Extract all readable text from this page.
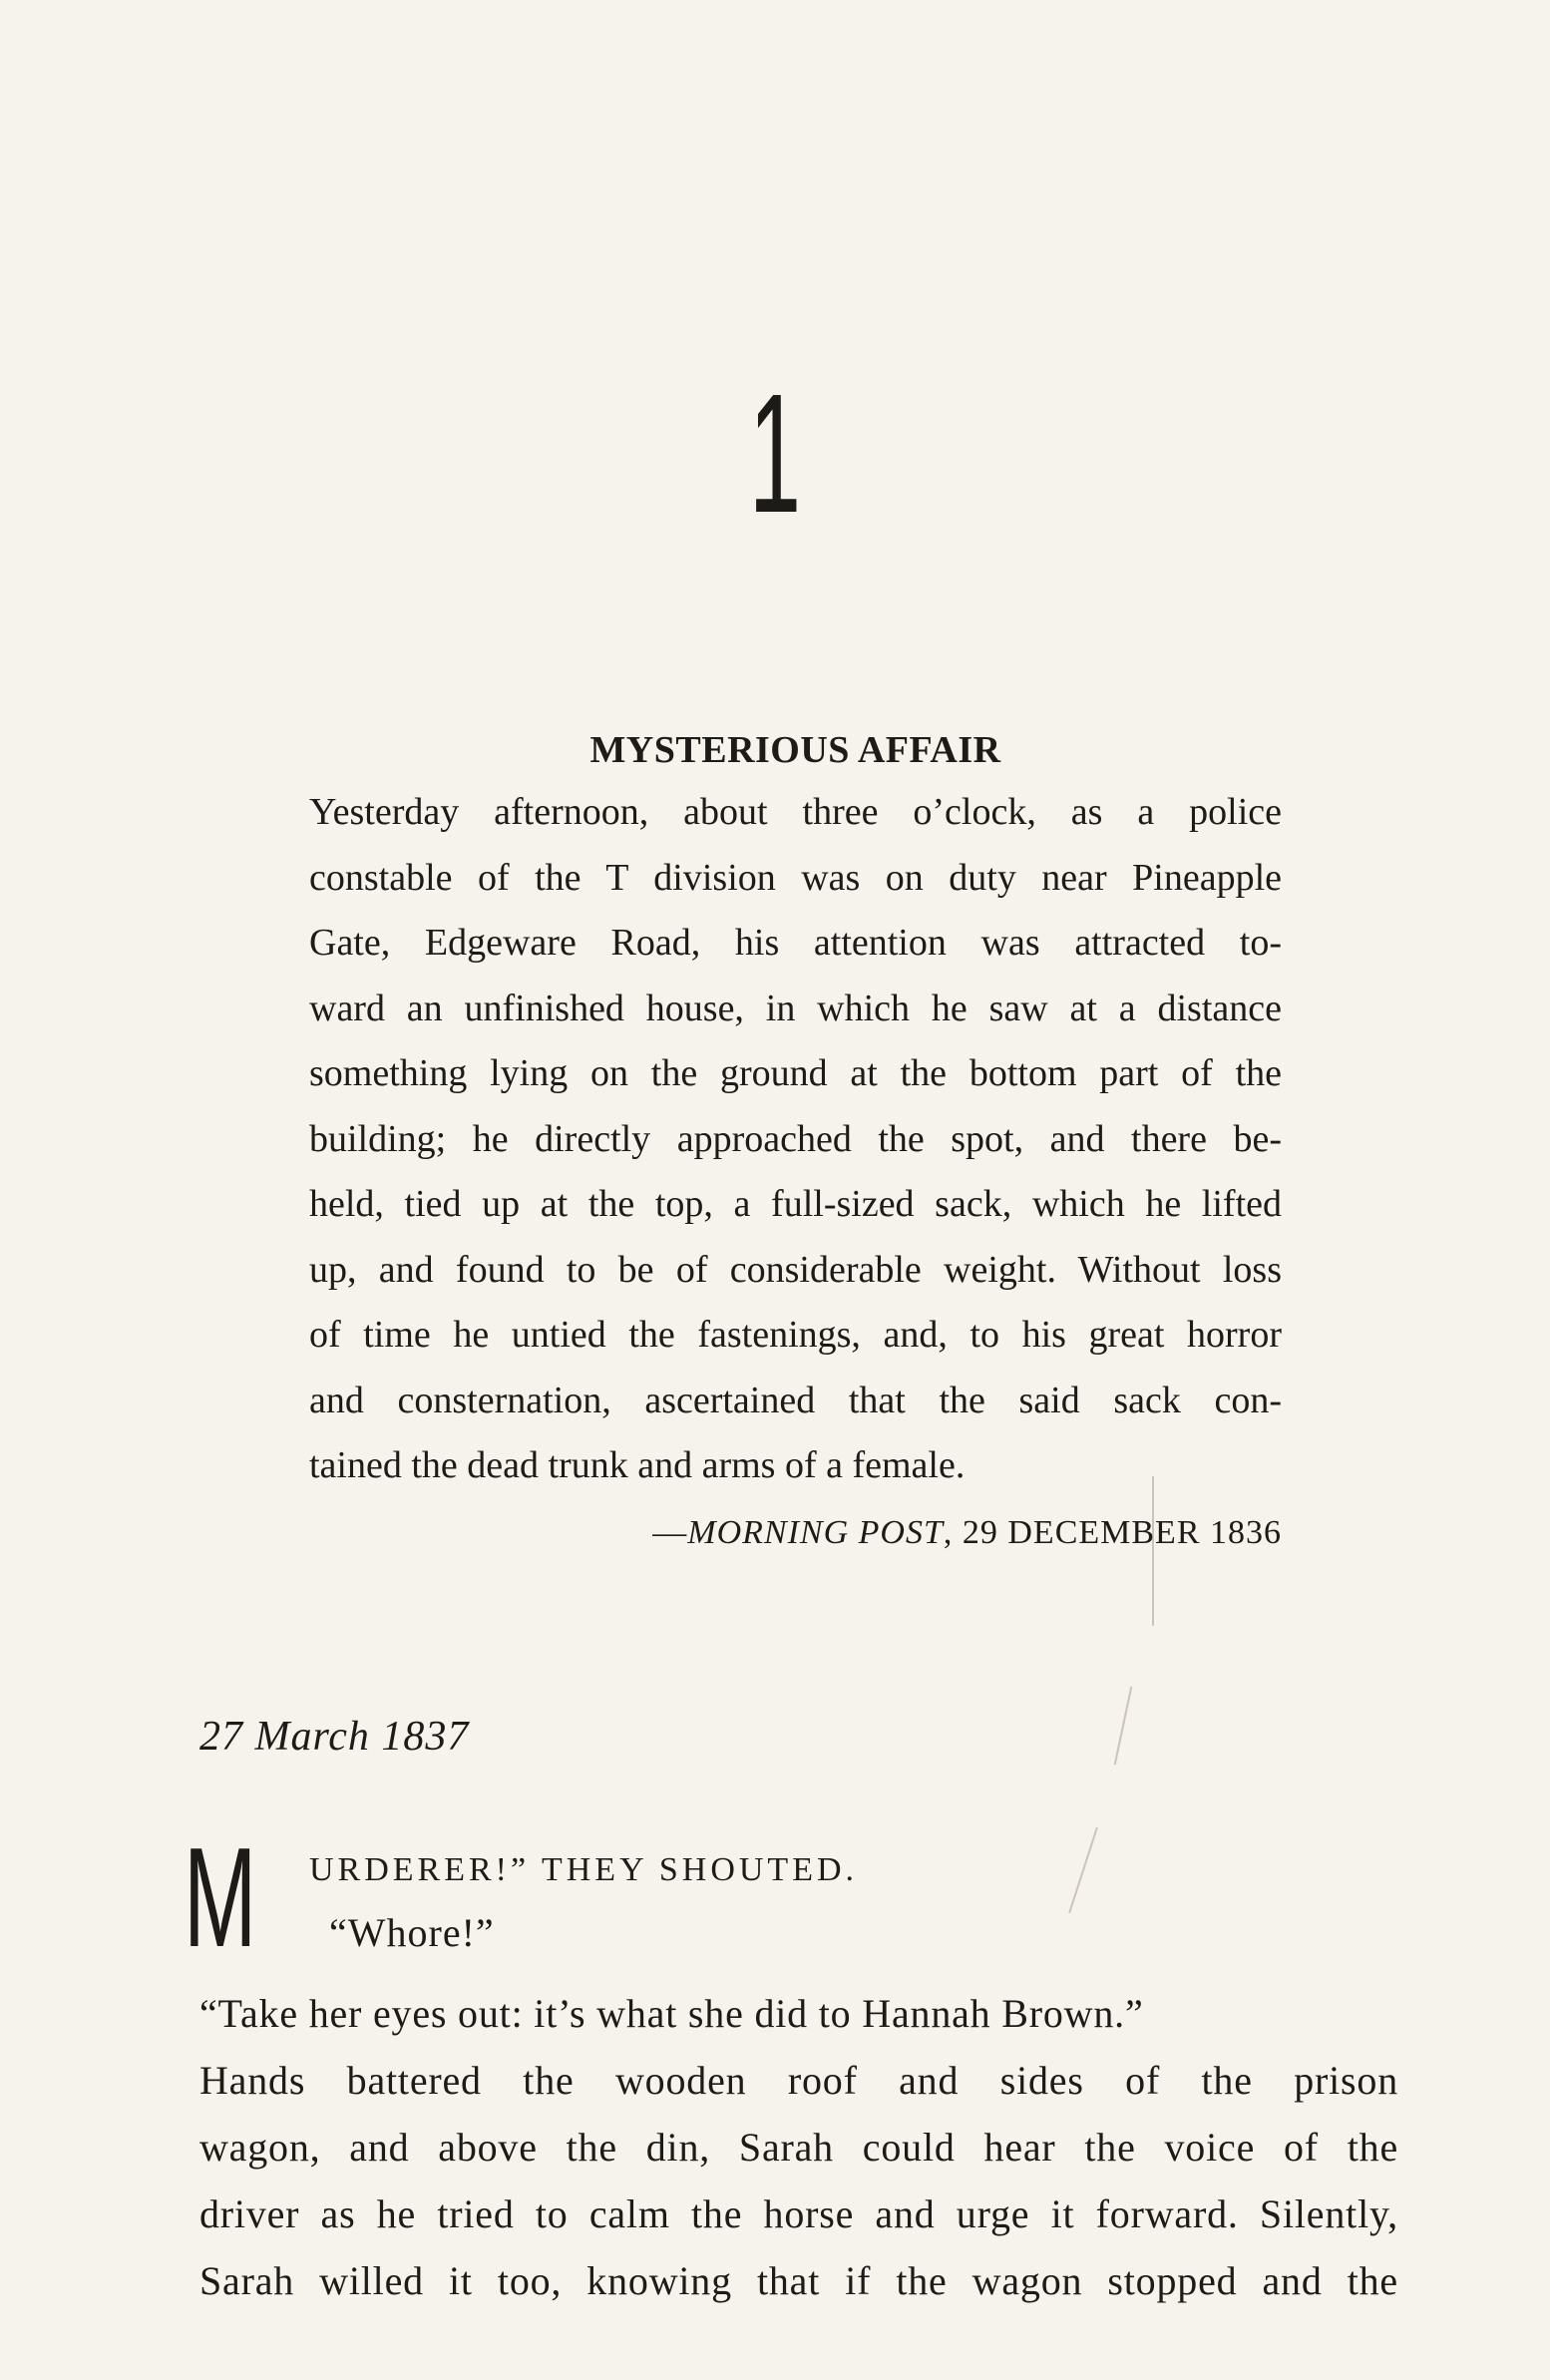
1
MYSTERIOUS AFFAIR
Yesterday afternoon, about three o’clock, as a police
constable of the T division was on duty near Pineapple
Gate, Edgeware Road, his attention was attracted to-
ward an unfinished house, in which he saw at a distance
something lying on the ground at the bottom part of the
building; he directly approached the spot, and there be-
held, tied up at the top, a full-sized sack, which he lifted
up, and found to be of considerable weight. Without loss
of time he untied the fastenings, and, to his great horror
and consternation, ascertained that the said sack con-
tained the dead trunk and arms of a female.
—MORNING POST, 29 DECEMBER 1836
27 March 1837
M URDERER!” THEY SHOUTED.
“Whore!”
“Take her eyes out: it’s what she did to Hannah Brown.”
Hands battered the wooden roof and sides of the prison
wagon, and above the din, Sarah could hear the voice of the
driver as he tried to calm the horse and urge it forward. Silently,
Sarah willed it too, knowing that if the wagon stopped and the
